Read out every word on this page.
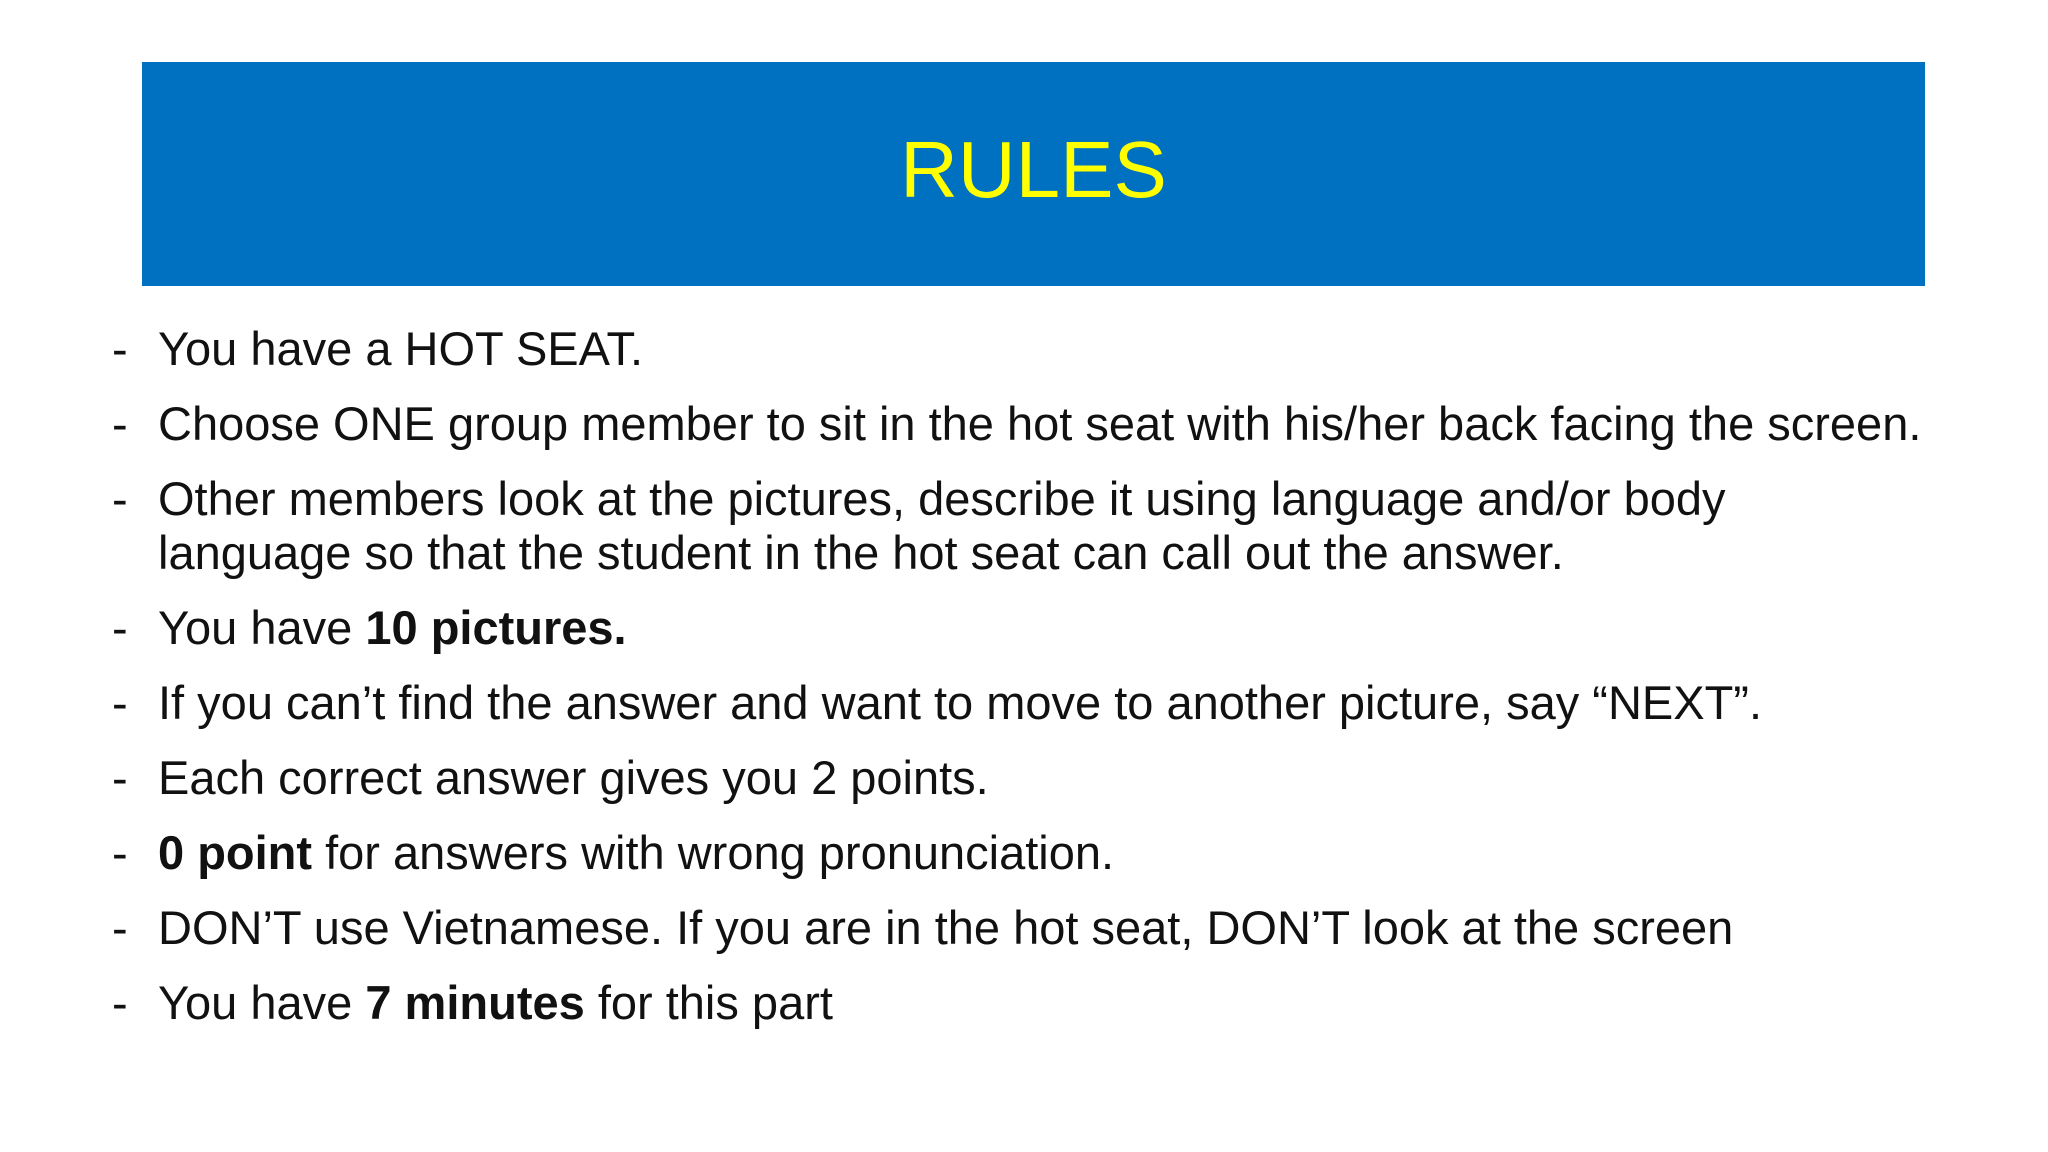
RULES
- You have a HOT SEAT.
- Choose ONE group member to sit in the hot seat with his/her back facing the screen.
- Other members look at the pictures, describe it using language and/or body language so that the student in the hot seat can call out the answer.
- You have 10 pictures.
- If you can’t find the answer and want to move to another picture, say “NEXT”.
- Each correct answer gives you 2 points.
- 0 point for answers with wrong pronunciation.
- DON’T use Vietnamese. If you are in the hot seat, DON’T look at the screen
- You have 7 minutes for this part
